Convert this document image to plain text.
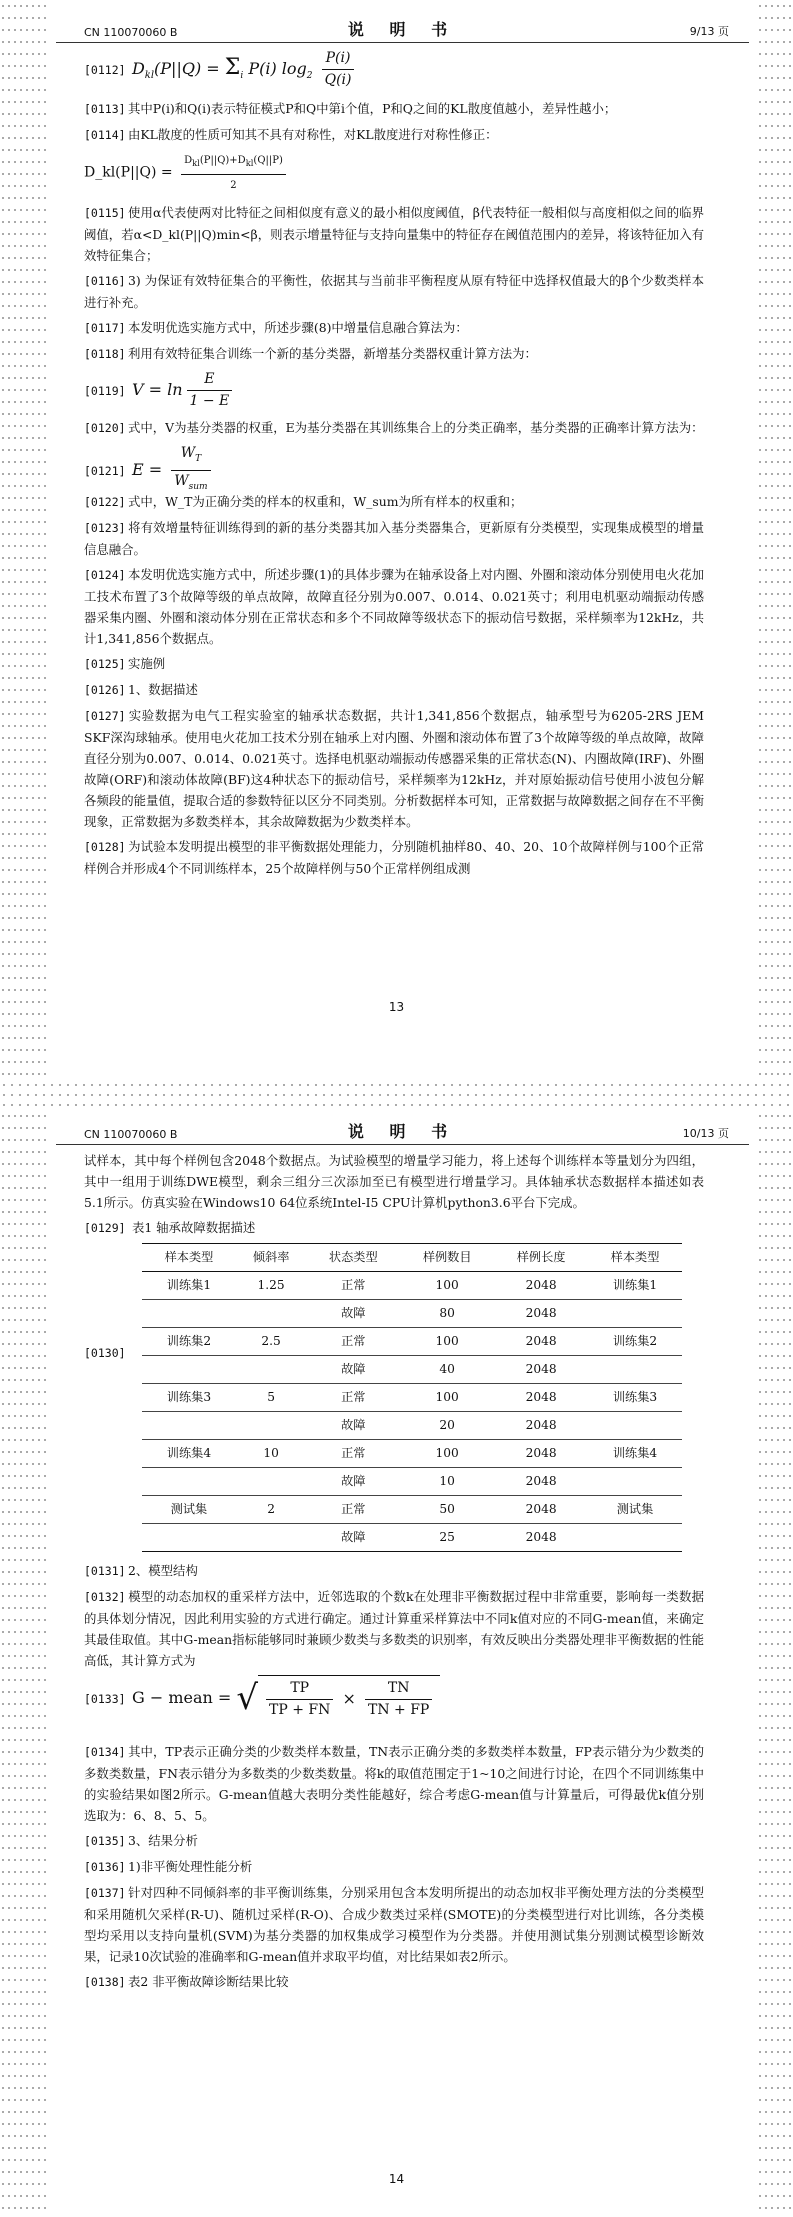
CN 110070060 B	说 明 书	9/13 页
[0112] $D_{kl}(P||Q) = \Sigma_i$ P(i) $\log_2 \frac{P(i)}{Q(i)}$
[0113] 其中P(i)和Q(i)表示特征模式P和Q中第i个值，P和Q之间的KL散度值越小，差异性越小；
[0114] 由KL散度的性质可知其不具有对称性，对KL散度进行对称性修正：
D_kl(P||Q) = $\frac{D_{kl}(P||Q)+D_{kl}(Q||P)}{2}$
[0115] 使用α代表使两对比特征之间相似度有意义的最小相似度阈值，β代表特征一般相似与高度相似之间的临界阈值，若α<D_kl(P||Q)min<β，则表示增量特征与支持向量集中的特征存在阈值范围内的差异，将该特征加入有效特征集合；
[0116] 3) 为保证有效特征集合的平衡性，依据其与当前非平衡程度从原有特征中选择权值最大的β个少数类样本进行补充。
[0117] 本发明优选实施方式中，所述步骤(8)中增量信息融合算法为：
[0118] 利用有效特征集合训练一个新的基分类器，新增基分类器权重计算方法为：
[0119] $V = \ln \frac{E}{1 - E}$
[0120] 式中，V为基分类器的权重，E为基分类器在其训练集合上的分类正确率，基分类器的正确率计算方法为：
[0121] $E = \frac{W_T}{W_{sum}}$
[0122] 式中，W_T为正确分类的样本的权重和，W_sum为所有样本的权重和；
[0123] 将有效增量特征训练得到的新的基分类器其加入基分类器集合，更新原有分类模型，实现集成模型的增量信息融合。
[0124] 本发明优选实施方式中，所述步骤(1)的具体步骤为在轴承设备上对内圈、外圈和滚动体分别使用电火花加工技术布置了3个故障等级的单点故障，故障直径分别为0.007、0.014、0.021英寸；利用电机驱动端振动传感器采集内圈、外圈和滚动体分别在正常状态和多个不同故障等级状态下的振动信号数据，采样频率为12kHz，共计1,341,856个数据点。
[0125] 实施例
[0126] 1、数据描述
[0127] 实验数据为电气工程实验室的轴承状态数据，共计1,341,856个数据点，轴承型号为6205-2RS JEM SKF深沟球轴承。使用电火花加工技术分别在轴承上对内圈、外圈和滚动体布置了3个故障等级的单点故障，故障直径分别为0.007、0.014、0.021英寸。选择电机驱动端振动传感器采集的正常状态(N)、内圈故障(IRF)、外圈故障(ORF)和滚动体故障(BF)这4种状态下的振动信号，采样频率为12kHz，并对原始振动信号使用小波包分解各频段的能量值，提取合适的参数特征以区分不同类别。分析数据样本可知，正常数据与故障数据之间存在不平衡现象，正常数据为多数类样本，其余故障数据为少数类样本。
[0128] 为试验本发明提出模型的非平衡数据处理能力，分别随机抽样80、40、20、10个故障样例与100个正常样例合并形成4个不同训练样本，25个故障样例与50个正常样例组成测
13
CN 110070060 B	说 明 书	10/13 页
试样本，其中每个样例包含2048个数据点。为试验模型的增量学习能力，将上述每个训练样本等量划分为四组，其中一组用于训练DWE模型，剩余三组分三次添加至已有模型进行增量学习。具体轴承状态数据样本描述如表5.1所示。仿真实验在Windows10 64位系统Intel-I5 CPU计算机python3.6平台下完成。
[0129] 表1 轴承故障数据描述
[0130]
样本类型	倾斜率	状态类型	样例数目	样例长度	样本类型
训练集1	1.25	正常	100	2048	训练集1
		故障	80	2048	
训练集2	2.5	正常	100	2048	训练集2
		故障	40	2048	
训练集3	5	正常	100	2048	训练集3
		故障	20	2048	
训练集4	10	正常	100	2048	训练集4
		故障	10	2048	
测试集	2	正常	50	2048	测试集
		故障	25	2048	
[0131] 2、模型结构
[0132] 模型的动态加权的重采样方法中，近邻选取的个数k在处理非平衡数据过程中非常重要，影响每一类数据的具体划分情况，因此利用实验的方式进行确定。通过计算重采样算法中不同k值对应的不同G-mean值，来确定其最佳取值。其中G-mean指标能够同时兼顾少数类与多数类的识别率，有效反映出分类器处理非平衡数据的性能高低，其计算方式为
[0133] G − mean = √ $\frac{TP}{TP + FN} \times \frac{TN}{TN + FP}$
[0134] 其中，TP表示正确分类的少数类样本数量，TN表示正确分类的多数类样本数量，FP表示错分为少数类的多数类数量，FN表示错分为多数类的少数类数量。将k的取值范围定于1~10之间进行讨论，在四个不同训练集中的实验结果如图2所示。G-mean值越大表明分类性能越好，综合考虑G-mean值与计算量后，可得最优k值分别选取为：6、8、5、5。
[0135] 3、结果分析
[0136] 1)非平衡处理性能分析
[0137] 针对四种不同倾斜率的非平衡训练集，分别采用包含本发明所提出的动态加权非平衡处理方法的分类模型和采用随机欠采样(R-U)、随机过采样(R-O)、合成少数类过采样(SMOTE)的分类模型进行对比训练，各分类模型均采用以支持向量机(SVM)为基分类器的加权集成学习模型作为分类器。并使用测试集分别测试模型诊断效果，记录10次试验的准确率和G-mean值并求取平均值，对比结果如表2所示。
[0138] 表2 非平衡故障诊断结果比较
14
